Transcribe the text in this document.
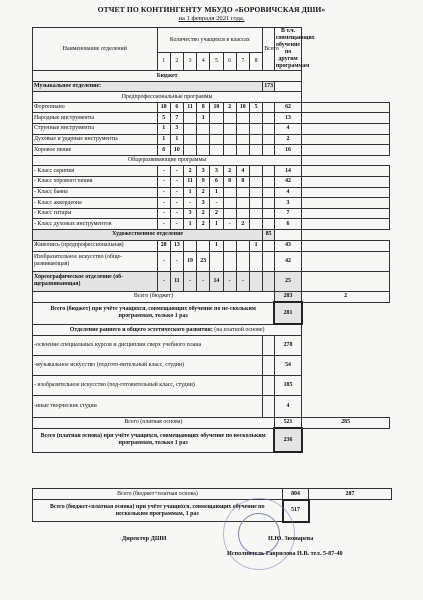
ОТЧЕТ ПО КОНТИНГЕНТУ МБУДО «БОРОВИЧСКАЯ ДШИ»
на 1 февраля 2021 года.
Наименование отделений	Количество учащихся в классах								Всего	В т.ч. совмещающих обучение по другим программам	
	1	2	3	4	5	6	7	8			
Бюджет											
Музыкальное отделение:									173		
Предпрофессиональные программы											
Фортепиано	10	6	11	8	10	2	10	5		62	
Народные инструменты	5	7		1						13	
Струнные инструменты	1	3								4	
Духовые и ударные инструменты	1	1								2	
Хоровое пение	6	10								16	
Общеразвивающие программы											
- Класс скрипки	-	-	2	3	3	2	4			14	
- Класс хорового пения	-	-	11	9	6	8	8			42	
- Класс баяна	-	-	1	2	1					4	
- Класс аккордеона	-	-	-	3	-					3	
- Класс гитары	-	-	3	2	2					7	
- Класс духовых инструментов	-	-	1	2	1	-	2			6	
Художественное отделение									85		
Живопись (предпрофессиональная)	28	13			1			1		43	
Изобразительное искусство (обще-развивающая)	-	-	19	23						42	
Хореографическое отделение (об-щеразвивающая)	-	11	-	-	14	-	-			25	
Всего (бюджет)										283	2
Всего (бюджет) при учёте учащихся, совмещающих обучение по не-скольким программам, только 1 раз										281	
Отделение раннего и общего эстетического развития: (на платной основе)											
-освоение специальных курсов и дисциплин сверх учебного плана										278	
-музыкальное искусство (подгото-вительный класс, студии)										54	
- изобразительное искусство (под-готовительный класс, студии)										185	
-иные творческие студии										4	
Всего (платная основа)										521	285
Всего (платная основа) при учёте учащихся, совмещающих обучение по нескольким программам, только 1 раз										236	
Всего (бюджет+платная основа)	804	287
Всего (бюджет+платная основа) при учёте учащихся, совмещающих обучение по нескольким программам, 1 раз	517	
Директор ДШИ	Н.Ю. Звонарева
Исполнитель Гаврилова Н.В. тел. 5-87-40
